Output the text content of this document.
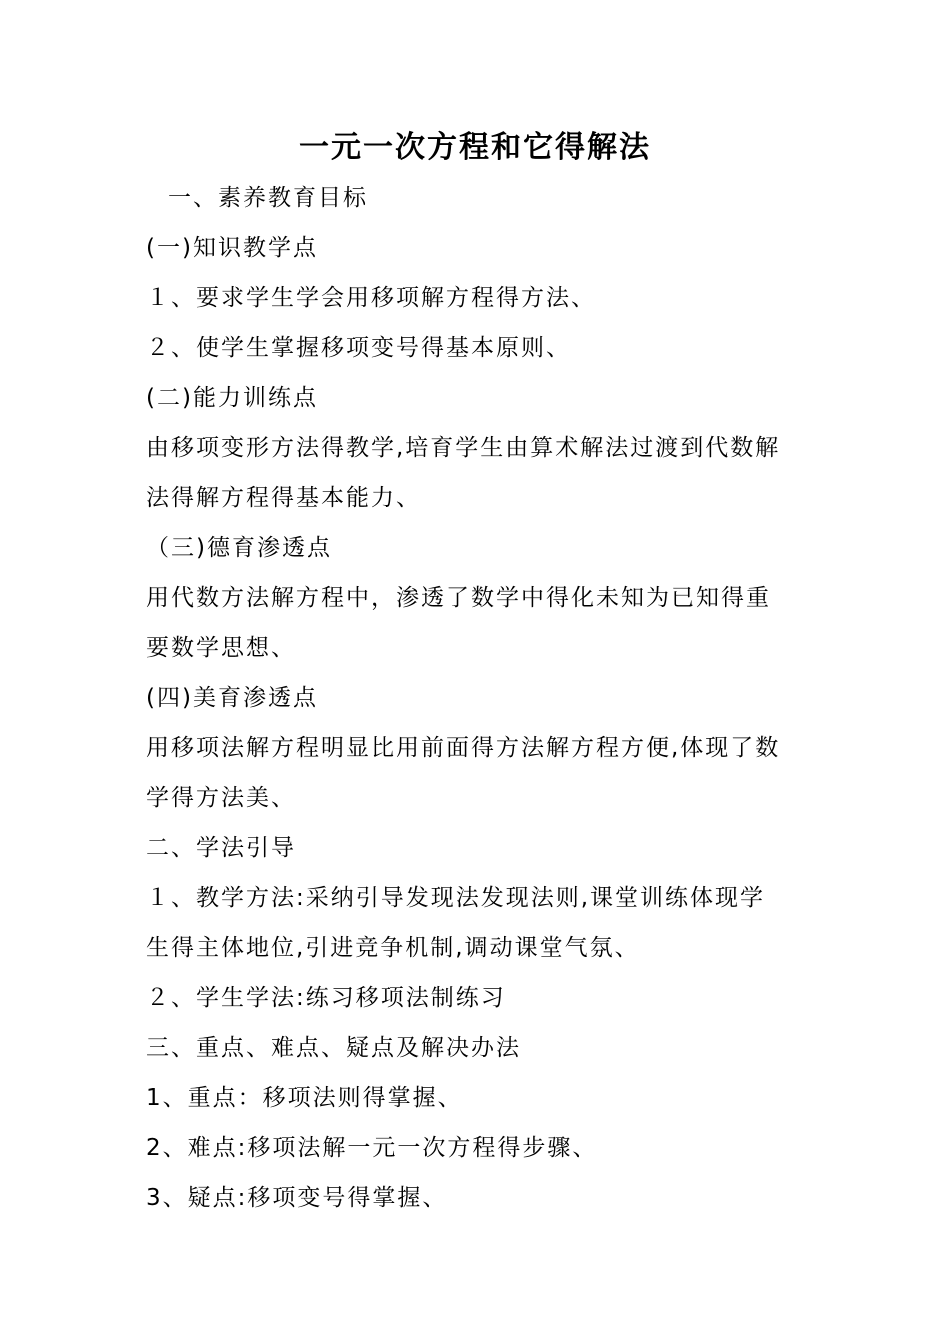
一元一次方程和它得解法
一、素养教育目标
(一)知识教学点
１、要求学生学会用移项解方程得方法、
２、使学生掌握移项变号得基本原则、
(二)能力训练点
由移项变形方法得教学,培育学生由算术解法过渡到代数解
法得解方程得基本能力、
（三)德育渗透点
用代数方法解方程中，渗透了数学中得化未知为已知得重
要数学思想、
(四)美育渗透点
用移项法解方程明显比用前面得方法解方程方便,体现了数
学得方法美、
二、学法引导
１、教学方法:采纳引导发现法发现法则,课堂训练体现学
生得主体地位,引进竞争机制,调动课堂气氛、
２、学生学法:练习移项法制练习
三、重点、难点、疑点及解决办法
1、重点：移项法则得掌握、
2、难点:移项法解一元一次方程得步骤、
3、疑点:移项变号得掌握、
